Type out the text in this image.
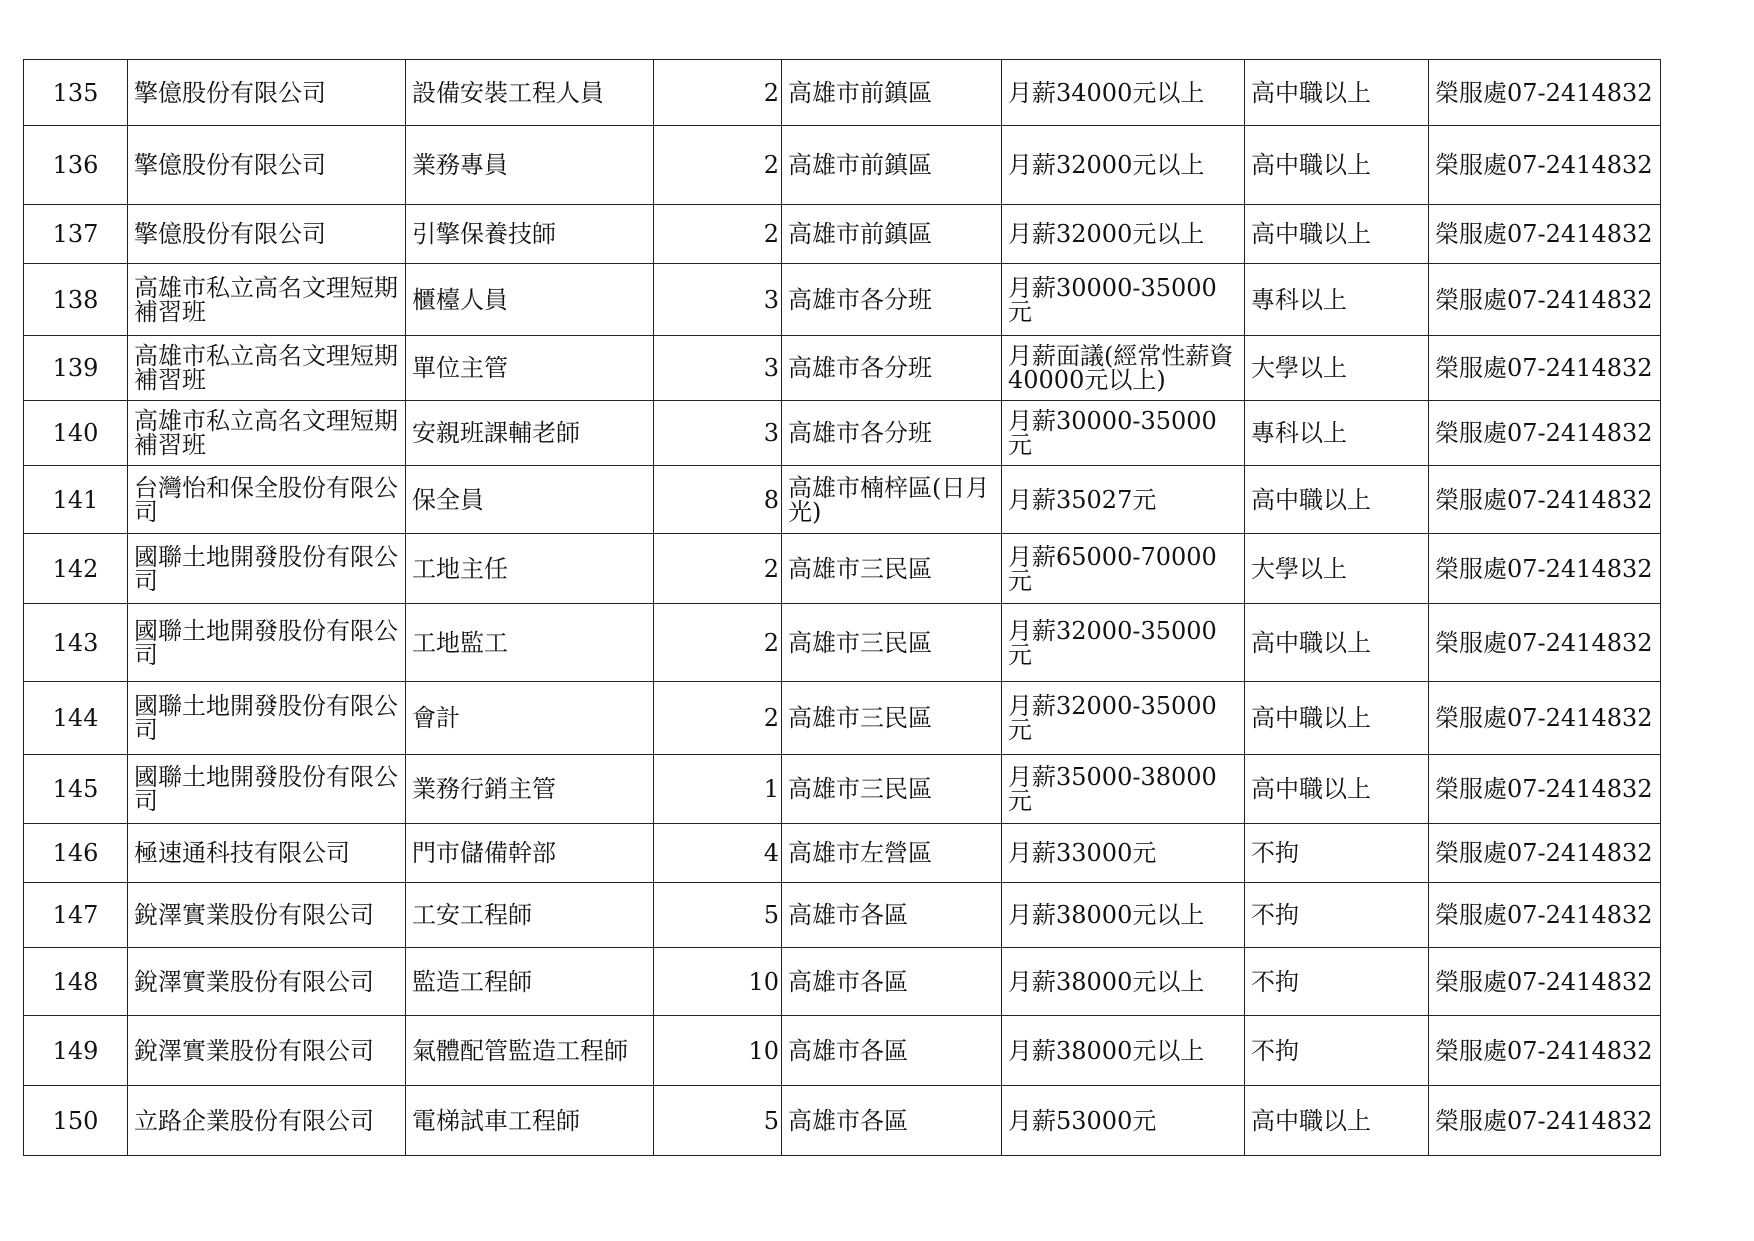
135	擎億股份有限公司	設備安裝工程人員	2	高雄市前鎮區	月薪34000元以上	高中職以上	榮服處07-2414832
136	擎億股份有限公司	業務專員	2	高雄市前鎮區	月薪32000元以上	高中職以上	榮服處07-2414832
137	擎億股份有限公司	引擎保養技師	2	高雄市前鎮區	月薪32000元以上	高中職以上	榮服處07-2414832
138	高雄市私立高名文理短期補習班	櫃檯人員	3	高雄市各分班	月薪30000-35000元	專科以上	榮服處07-2414832
139	高雄市私立高名文理短期補習班	單位主管	3	高雄市各分班	月薪面議(經常性薪資40000元以上)	大學以上	榮服處07-2414832
140	高雄市私立高名文理短期補習班	安親班課輔老師	3	高雄市各分班	月薪30000-35000元	專科以上	榮服處07-2414832
141	台灣怡和保全股份有限公司	保全員	8	高雄市楠梓區(日月光)	月薪35027元	高中職以上	榮服處07-2414832
142	國聯土地開發股份有限公司	工地主任	2	高雄市三民區	月薪65000-70000元	大學以上	榮服處07-2414832
143	國聯土地開發股份有限公司	工地監工	2	高雄市三民區	月薪32000-35000元	高中職以上	榮服處07-2414832
144	國聯土地開發股份有限公司	會計	2	高雄市三民區	月薪32000-35000元	高中職以上	榮服處07-2414832
145	國聯土地開發股份有限公司	業務行銷主管	1	高雄市三民區	月薪35000-38000元	高中職以上	榮服處07-2414832
146	極速通科技有限公司	門市儲備幹部	4	高雄市左營區	月薪33000元	不拘	榮服處07-2414832
147	銳澤實業股份有限公司	工安工程師	5	高雄市各區	月薪38000元以上	不拘	榮服處07-2414832
148	銳澤實業股份有限公司	監造工程師	10	高雄市各區	月薪38000元以上	不拘	榮服處07-2414832
149	銳澤實業股份有限公司	氣體配管監造工程師	10	高雄市各區	月薪38000元以上	不拘	榮服處07-2414832
150	立路企業股份有限公司	電梯試車工程師	5	高雄市各區	月薪53000元	高中職以上	榮服處07-2414832
